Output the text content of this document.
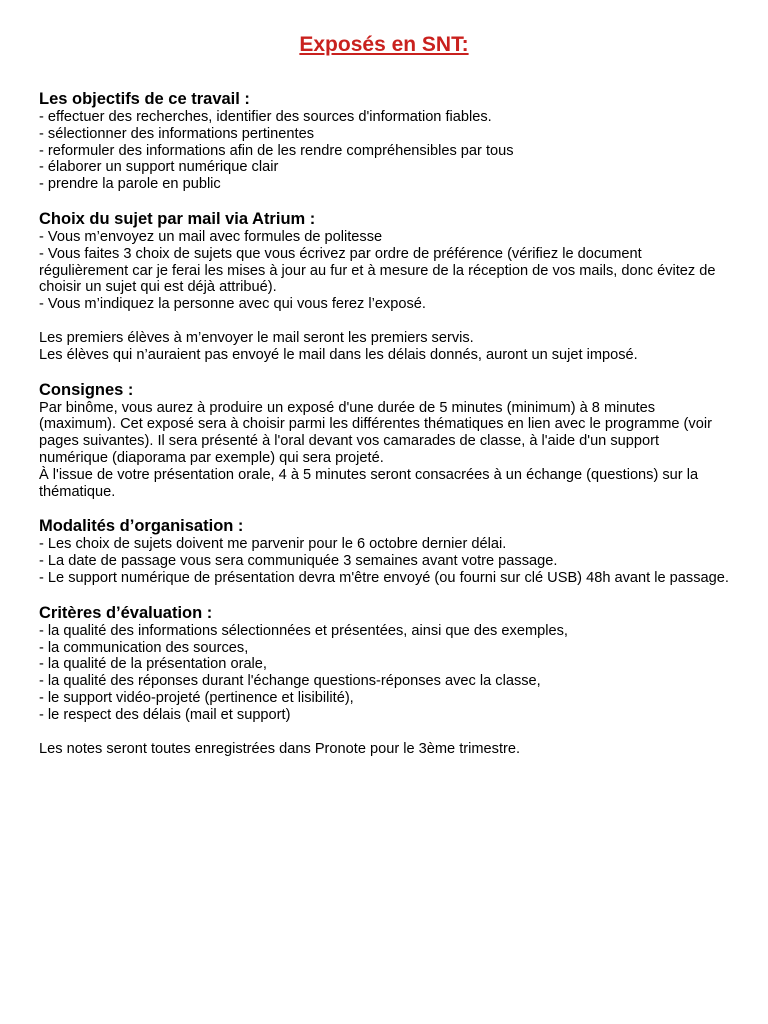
Exposés en SNT:
Les objectifs de ce travail :

- effectuer des recherches, identifier des sources d'information fiables.

- sélectionner des informations pertinentes

- reformuler des informations afin de les rendre compréhensibles par tous

- élaborer un support numérique clair

- prendre la parole en public

Choix du sujet par mail via Atrium :

- Vous m’envoyez un mail avec formules de politesse

- Vous faites 3 choix de sujets que vous écrivez par ordre de préférence (vérifiez le document régulièrement car je ferai les mises à jour au fur et à mesure de la réception de vos mails, donc évitez de choisir un sujet qui est déjà attribué).

- Vous m’indiquez la personne avec qui vous ferez l’exposé.

Les premiers élèves à m’envoyer le mail seront les premiers servis.

Les élèves qui n’auraient pas envoyé le mail dans les délais donnés, auront un sujet imposé.

Consignes :

Par binôme, vous aurez à produire un exposé d'une durée de 5 minutes (minimum) à 8 minutes (maximum). Cet exposé sera à choisir parmi les différentes thématiques en lien avec le programme (voir pages suivantes). Il sera présenté à l'oral devant vos camarades de classe, à l'aide d'un support numérique (diaporama par exemple) qui sera projeté.

À l'issue de votre présentation orale, 4 à 5 minutes seront consacrées à un échange (questions) sur la thématique.

Modalités d’organisation :

- Les choix de sujets doivent me parvenir pour le 6 octobre dernier délai.

- La date de passage vous sera communiquée 3 semaines avant votre passage.

- Le support numérique de présentation devra m'être envoyé (ou fourni sur clé USB) 48h avant le passage.

Critères d’évaluation :

- la qualité des informations sélectionnées et présentées, ainsi que des exemples,

- la communication des sources,

- la qualité de la présentation orale,

- la qualité des réponses durant l'échange questions-réponses avec la classe,

- le support vidéo-projeté (pertinence et lisibilité),

- le respect des délais (mail et support)

Les notes seront toutes enregistrées dans Pronote pour le 3ème trimestre.
